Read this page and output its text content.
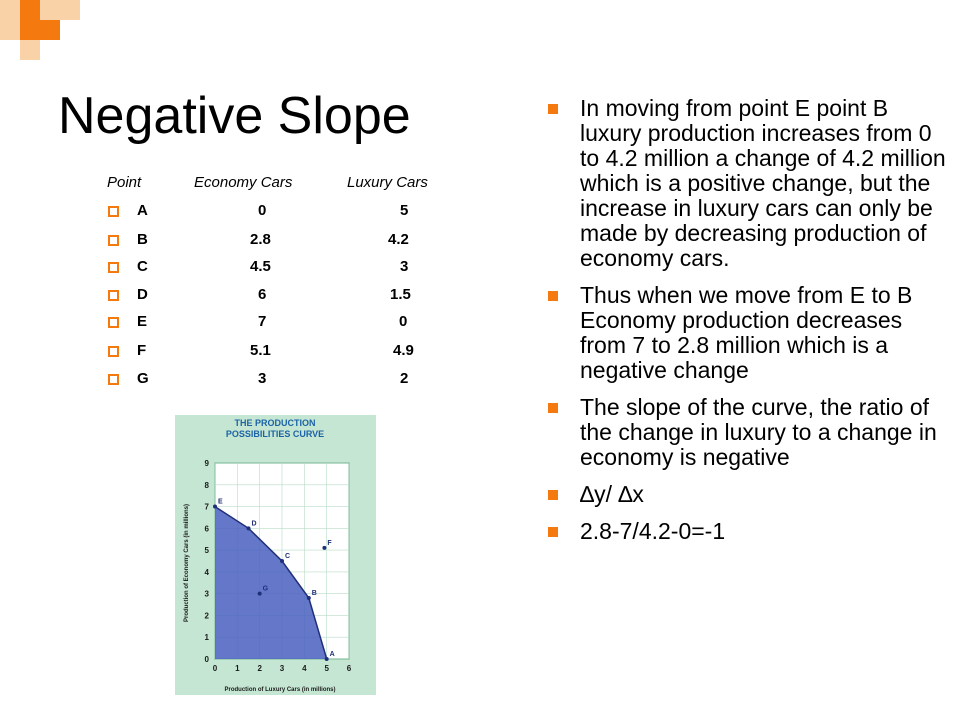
Negative Slope
Point	Economy Cars	Luxury Cars
A	0	5
B	2.8	4.2
C	4.5	3
D	6	1.5
E	7	0
F	5.1	4.9
G	3	2
In moving from point E point B luxury production increases from 0 to 4.2 million a change of 4.2 million which is a positive change, but the increase in luxury cars can only be made by decreasing production of economy cars.
Thus when we move from E to B Economy production decreases from 7 to 2.8 million which is a negative change
The slope of the curve, the ratio of the change in luxury to a change in economy is negative
∆y/ ∆x
2.8-7/4.2-0=-1
THE PRODUCTION
POSSIBILITIES CURVE
0 1 2 3 4 5 6
0
1
2
3
4
5
6
7
8
9
E
D
C
B
A
F
G
Production of Economy Cars (in millions)
Production of Luxury Cars (in millions)
